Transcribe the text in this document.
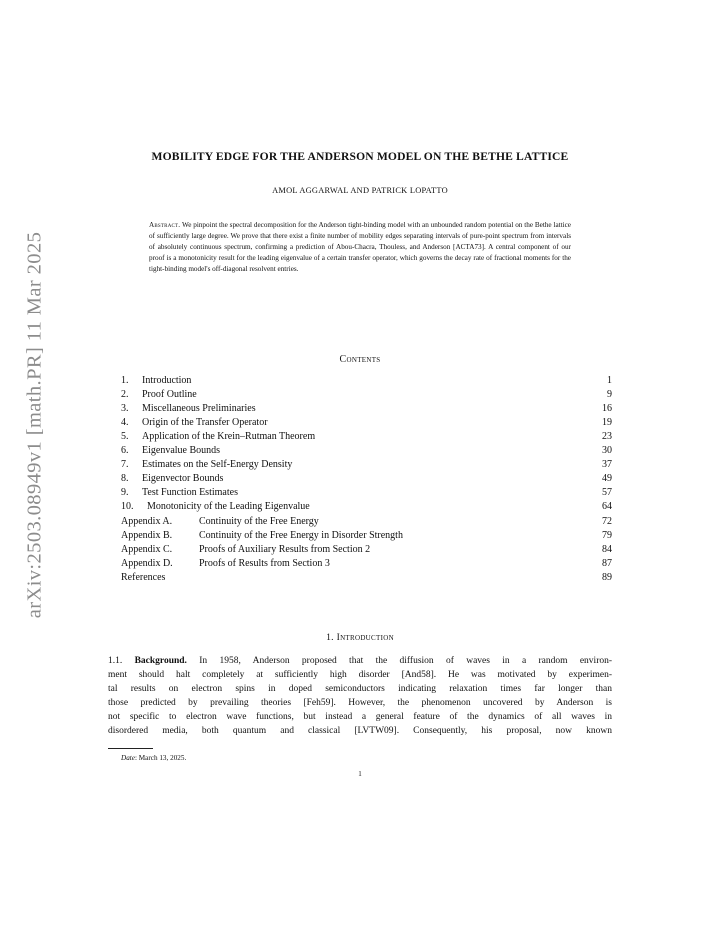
arXiv:2503.08949v1 [math.PR] 11 Mar 2025
MOBILITY EDGE FOR THE ANDERSON MODEL ON THE BETHE LATTICE
AMOL AGGARWAL AND PATRICK LOPATTO
Abstract. We pinpoint the spectral decomposition for the Anderson tight-binding model with an unbounded random potential on the Bethe lattice of sufficiently large degree. We prove that there exist a finite number of mobility edges separating intervals of pure-point spectrum from intervals of absolutely continuous spectrum, confirming a prediction of Abou-Chacra, Thouless, and Anderson [ACTA73]. A central component of our proof is a monotonicity result for the leading eigenvalue of a certain transfer operator, which governs the decay rate of fractional moments for the tight-binding model's off-diagonal resolvent entries.
Contents
1. Introduction	1
2. Proof Outline	9
3. Miscellaneous Preliminaries	16
4. Origin of the Transfer Operator	19
5. Application of the Krein–Rutman Theorem	23
6. Eigenvalue Bounds	30
7. Estimates on the Self-Energy Density	37
8. Eigenvector Bounds	49
9. Test Function Estimates	57
10. Monotonicity of the Leading Eigenvalue	64
Appendix A.	Continuity of the Free Energy	72
Appendix B.	Continuity of the Free Energy in Disorder Strength	79
Appendix C.	Proofs of Auxiliary Results from Section 2	84
Appendix D.	Proofs of Results from Section 3	87
References	89
1. Introduction
1.1. Background. In 1958, Anderson proposed that the diffusion of waves in a random environ-
ment should halt completely at sufficiently high disorder [And58]. He was motivated by experimen-
tal results on electron spins in doped semiconductors indicating relaxation times far longer than
those predicted by prevailing theories [Feh59]. However, the phenomenon uncovered by Anderson is
not specific to electron wave functions, but instead a general feature of the dynamics of all waves in
disordered media, both quantum and classical [LVTW09]. Consequently, his proposal, now known
Date: March 13, 2025.
1
